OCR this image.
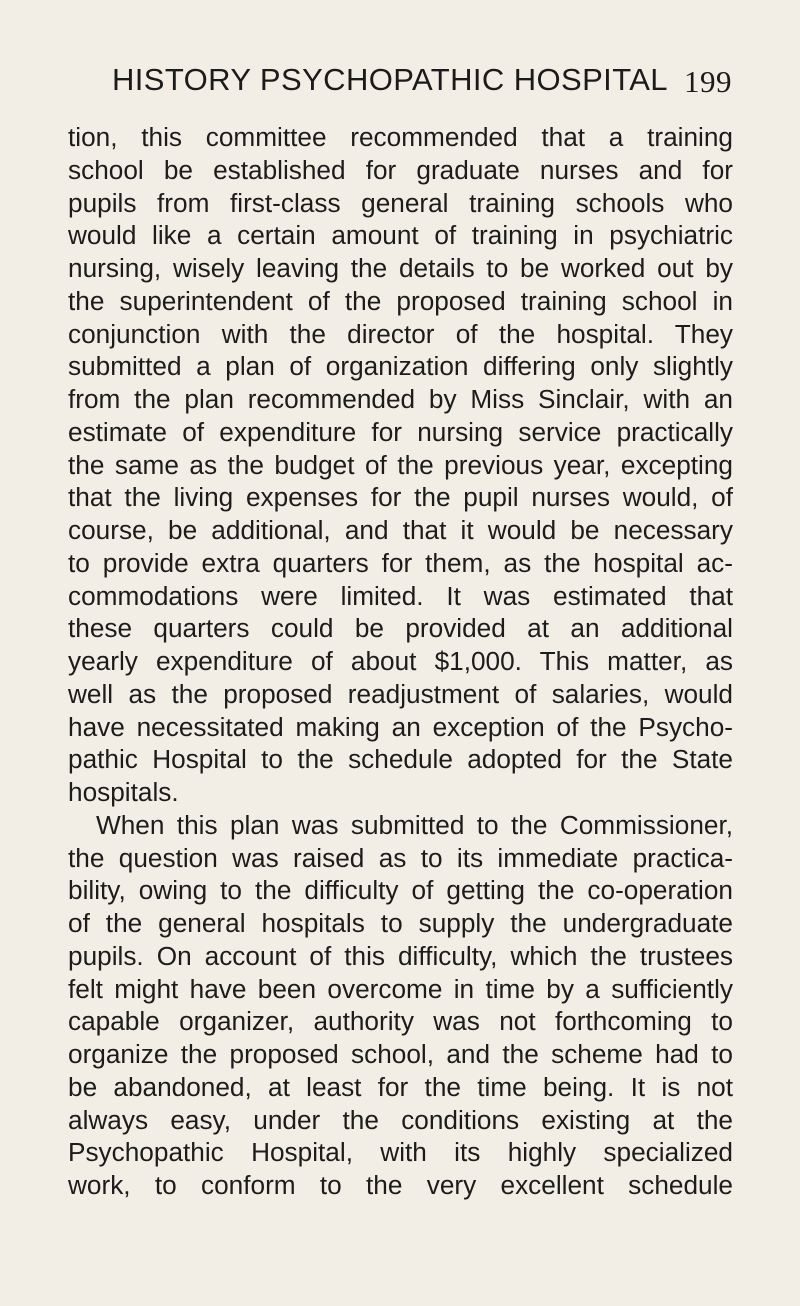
HISTORY PSYCHOPATHIC HOSPITAL 199
tion, this committee recommended that a training
school be established for graduate nurses and for
pupils from first-class general training schools who
would like a certain amount of training in psychiatric
nursing, wisely leaving the details to be worked out by
the superintendent of the proposed training school in
conjunction with the director of the hospital. They
submitted a plan of organization differing only slightly
from the plan recommended by Miss Sinclair, with an
estimate of expenditure for nursing service practically
the same as the budget of the previous year, excepting
that the living expenses for the pupil nurses would, of
course, be additional, and that it would be necessary
to provide extra quarters for them, as the hospital ac-
commodations were limited. It was estimated that
these quarters could be provided at an additional
yearly expenditure of about $1,000. This matter, as
well as the proposed readjustment of salaries, would
have necessitated making an exception of the Psycho-
pathic Hospital to the schedule adopted for the State
hospitals.
When this plan was submitted to the Commissioner,
the question was raised as to its immediate practica-
bility, owing to the difficulty of getting the co-operation
of the general hospitals to supply the undergraduate
pupils. On account of this difficulty, which the trustees
felt might have been overcome in time by a sufficiently
capable organizer, authority was not forthcoming to
organize the proposed school, and the scheme had to
be abandoned, at least for the time being. It is not
always easy, under the conditions existing at the
Psychopathic Hospital, with its highly specialized
work, to conform to the very excellent schedule
